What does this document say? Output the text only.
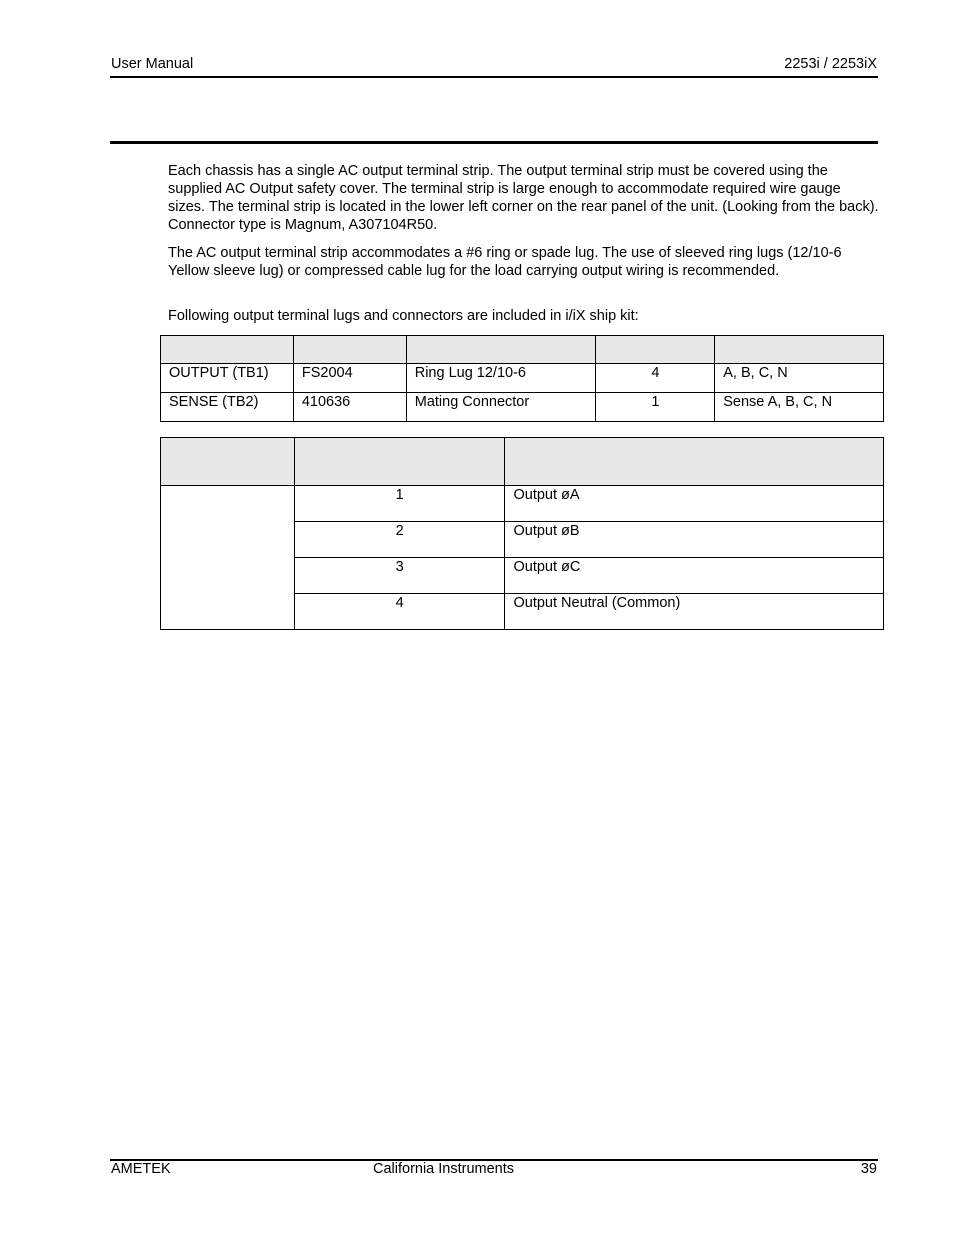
User Manual	2253i / 2253iX

Each chassis has a single AC output terminal strip. The output terminal strip must be covered using the supplied AC Output safety cover. The terminal strip is large enough to accommodate required wire gauge sizes. The terminal strip is located in the lower left corner on the rear panel of the unit. (Looking from the back). Connector type is Magnum, A307104R50.

The AC output terminal strip accommodates a #6 ring or spade lug. The use of sleeved ring lugs (12/10-6 Yellow sleeve lug) or compressed cable lug for the load carrying output wiring is recommended.

Following output terminal lugs and connectors are included in i/iX ship kit:

OUTPUT (TB1)	FS2004	Ring Lug 12/10-6	4	A, B, C, N
SENSE (TB2)	410636	Mating Connector	1	Sense A, B, C, N

	1	Output øA
	2	Output øB
	3	Output øC
	4	Output Neutral (Common)
AMETEK	California Instruments	39
